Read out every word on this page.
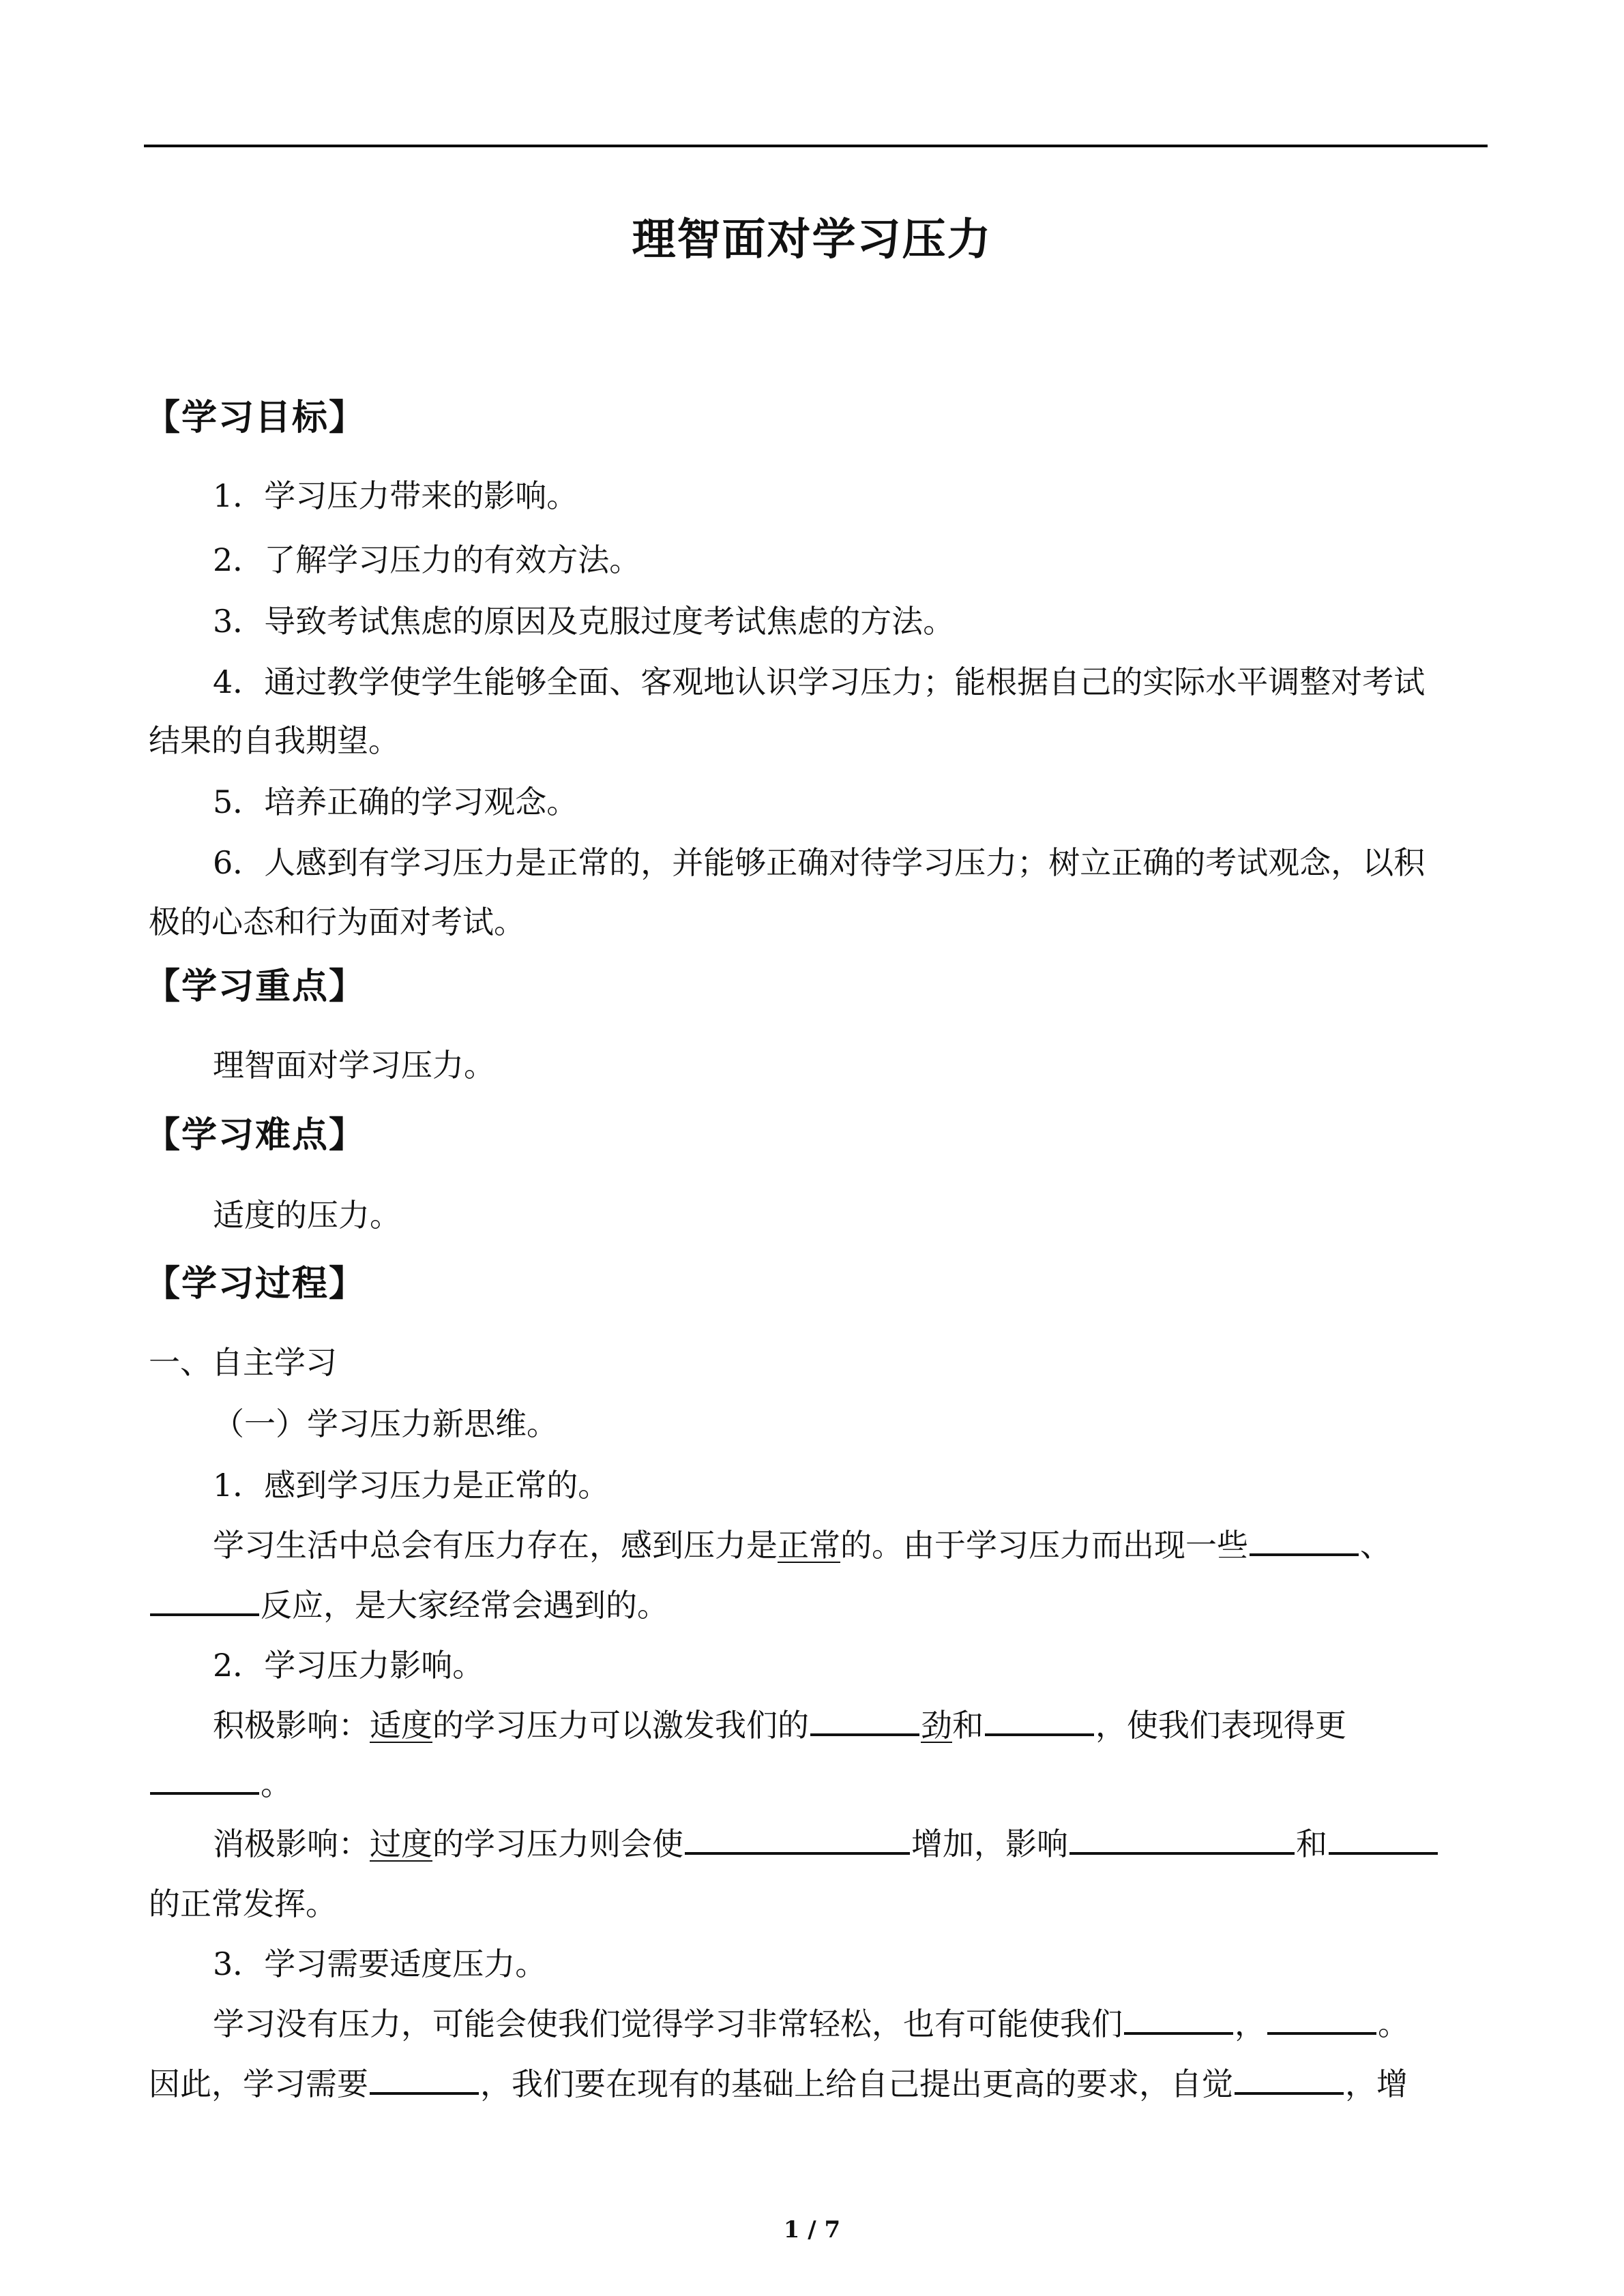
理智面对学习压力
【学习目标】
1．学习压力带来的影响。
2．了解学习压力的有效方法。
3．导致考试焦虑的原因及克服过度考试焦虑的方法。
4．通过教学使学生能够全面、客观地认识学习压力；能根据自己的实际水平调整对考试
结果的自我期望。
5．培养正确的学习观念。
6．人感到有学习压力是正常的，并能够正确对待学习压力；树立正确的考试观念，以积
极的心态和行为面对考试。
【学习重点】
理智面对学习压力。
【学习难点】
适度的压力。
【学习过程】
一、自主学习
（一）学习压力新思维。
1．感到学习压力是正常的。
学习生活中总会有压力存在，感到压力是正常的。由于学习压力而出现一些	、
反应，是大家经常会遇到的。
2．学习压力影响。
积极影响：适度的学习压力可以激发我们的	劲和	，使我们表现得更
。
消极影响：过度的学习压力则会使	增加，影响	和
的正常发挥。
3．学习需要适度压力。
学习没有压力，可能会使我们觉得学习非常轻松，也有可能使我们	，	。
因此，学习需要	，我们要在现有的基础上给自己提出更高的要求，自觉	，增
1 / 7
